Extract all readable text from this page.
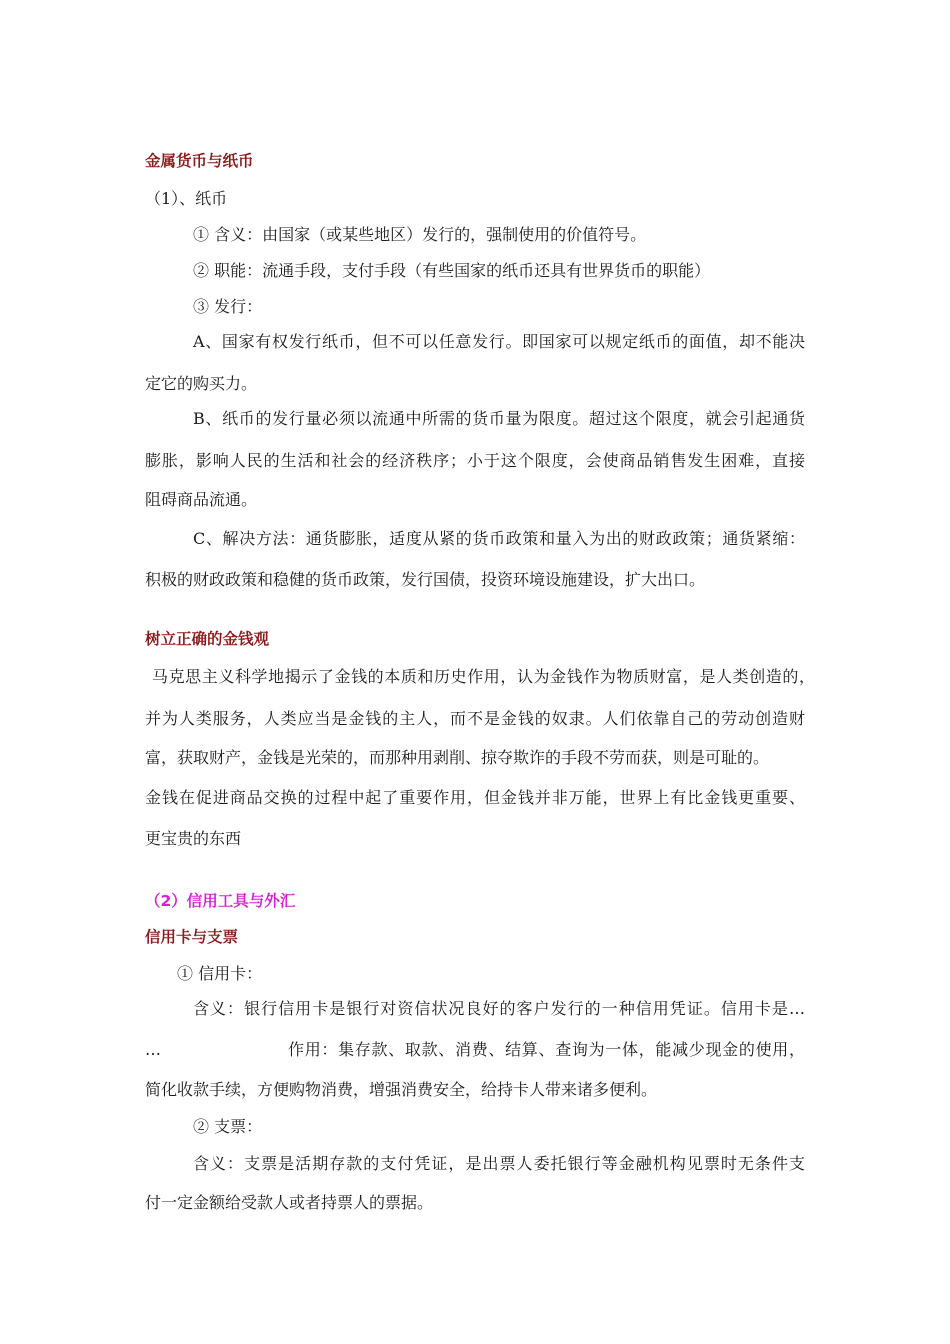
金属货币与纸币
（1）、纸币
① 含义：由国家（或某些地区）发行的，强制使用的价值符号。
② 职能：流通手段，支付手段（有些国家的纸币还具有世界货币的职能）
③ 发行：
A、国家有权发行纸币，但不可以任意发行。即国家可以规定纸币的面值，却不能决
定它的购买力。
B、纸币的发行量必须以流通中所需的货币量为限度。超过这个限度，就会引起通货
膨胀，影响人民的生活和社会的经济秩序；小于这个限度，会使商品销售发生困难，直接
阻碍商品流通。
C、解决方法：通货膨胀，适度从紧的货币政策和量入为出的财政政策；通货紧缩：
积极的财政政策和稳健的货币政策，发行国债，投资环境设施建设，扩大出口。
树立正确的金钱观
马克思主义科学地揭示了金钱的本质和历史作用，认为金钱作为物质财富，是人类创造的，
并为人类服务，人类应当是金钱的主人，而不是金钱的奴隶。人们依靠自己的劳动创造财
富，获取财产，金钱是光荣的，而那种用剥削、掠夺欺诈的手段不劳而获，则是可耻的。
金钱在促进商品交换的过程中起了重要作用，但金钱并非万能，世界上有比金钱更重要、
更宝贵的东西
（2）信用工具与外汇
信用卡与支票
① 信用卡：
含义：银行信用卡是银行对资信状况良好的客户发行的一种信用凭证。信用卡是…
…	作用：集存款、取款、消费、结算、查询为一体，能减少现金的使用，
简化收款手续，方便购物消费，增强消费安全，给持卡人带来诸多便利。
② 支票：
含义：支票是活期存款的支付凭证，是出票人委托银行等金融机构见票时无条件支
付一定金额给受款人或者持票人的票据。
